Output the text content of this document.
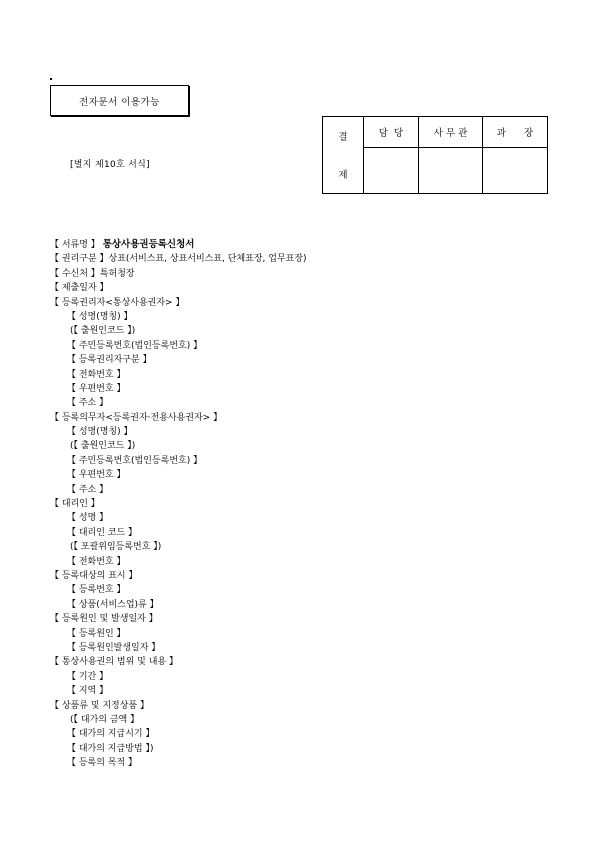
전자문서 이용가능
[별지 제10호 서식]
결
제	담  당	사 무 관	과      장

【 서류명 】 통상사용권등록신청서
【 권리구분 】상표(서비스표, 상표서비스표, 단체표장, 업무표장)
【 수신처 】특허청장
【 제출일자 】
【 등록권리자<통상사용권자> 】
【 성명(명칭) 】
(【 출원인코드 】)
【 주민등록번호(법인등록번호) 】
【 등록권리자구분 】
【 전화번호 】
【 우편번호 】
【 주소 】
【 등록의무자<등록권자·전용사용권자> 】
【 성명(명칭) 】
(【 출원인코드 】)
【 주민등록번호(법인등록번호) 】
【 우편번호 】
【 주소 】
【 대리인 】
【 성명 】
【 대리인 코드 】
(【 포괄위임등록번호 】)
【 전화번호 】
【 등록대상의 표시 】
【 등록번호 】
【 상품(서비스업)류 】
【 등록원인 및 발생일자 】
【 등록원인 】
【 등록원인발생일자 】
【 통상사용권의 범위 및 내용 】
【 기간 】
【 지역 】
【 상품류 및 지정상품 】
(【 대가의 금액 】
【 대가의 지급시기 】
【 대가의 지급방법 】)
【 등록의 목적 】
